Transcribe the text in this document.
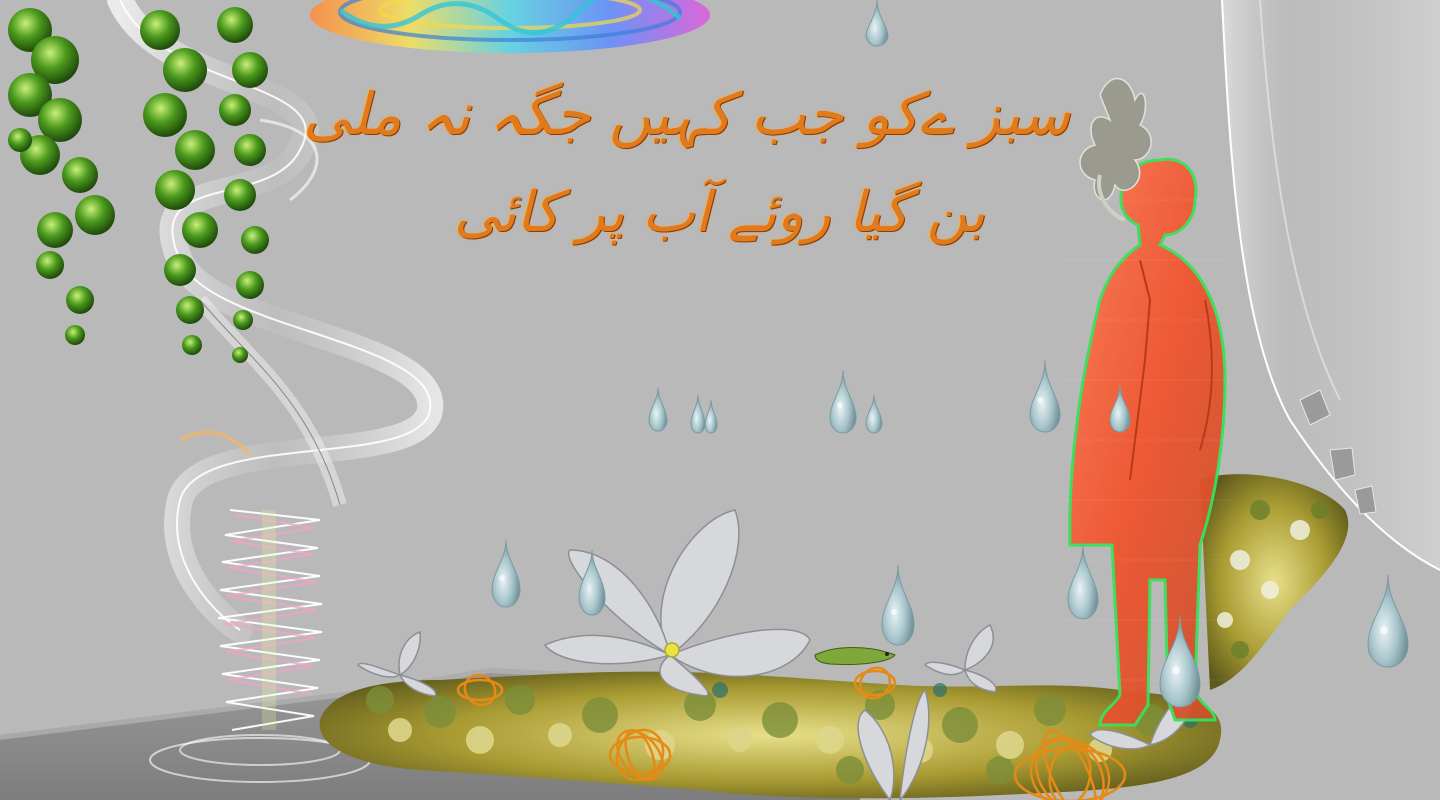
سبز ےکو جب کہیں جگہ نہ ملی
بن گیا روئے آب پر کائی
